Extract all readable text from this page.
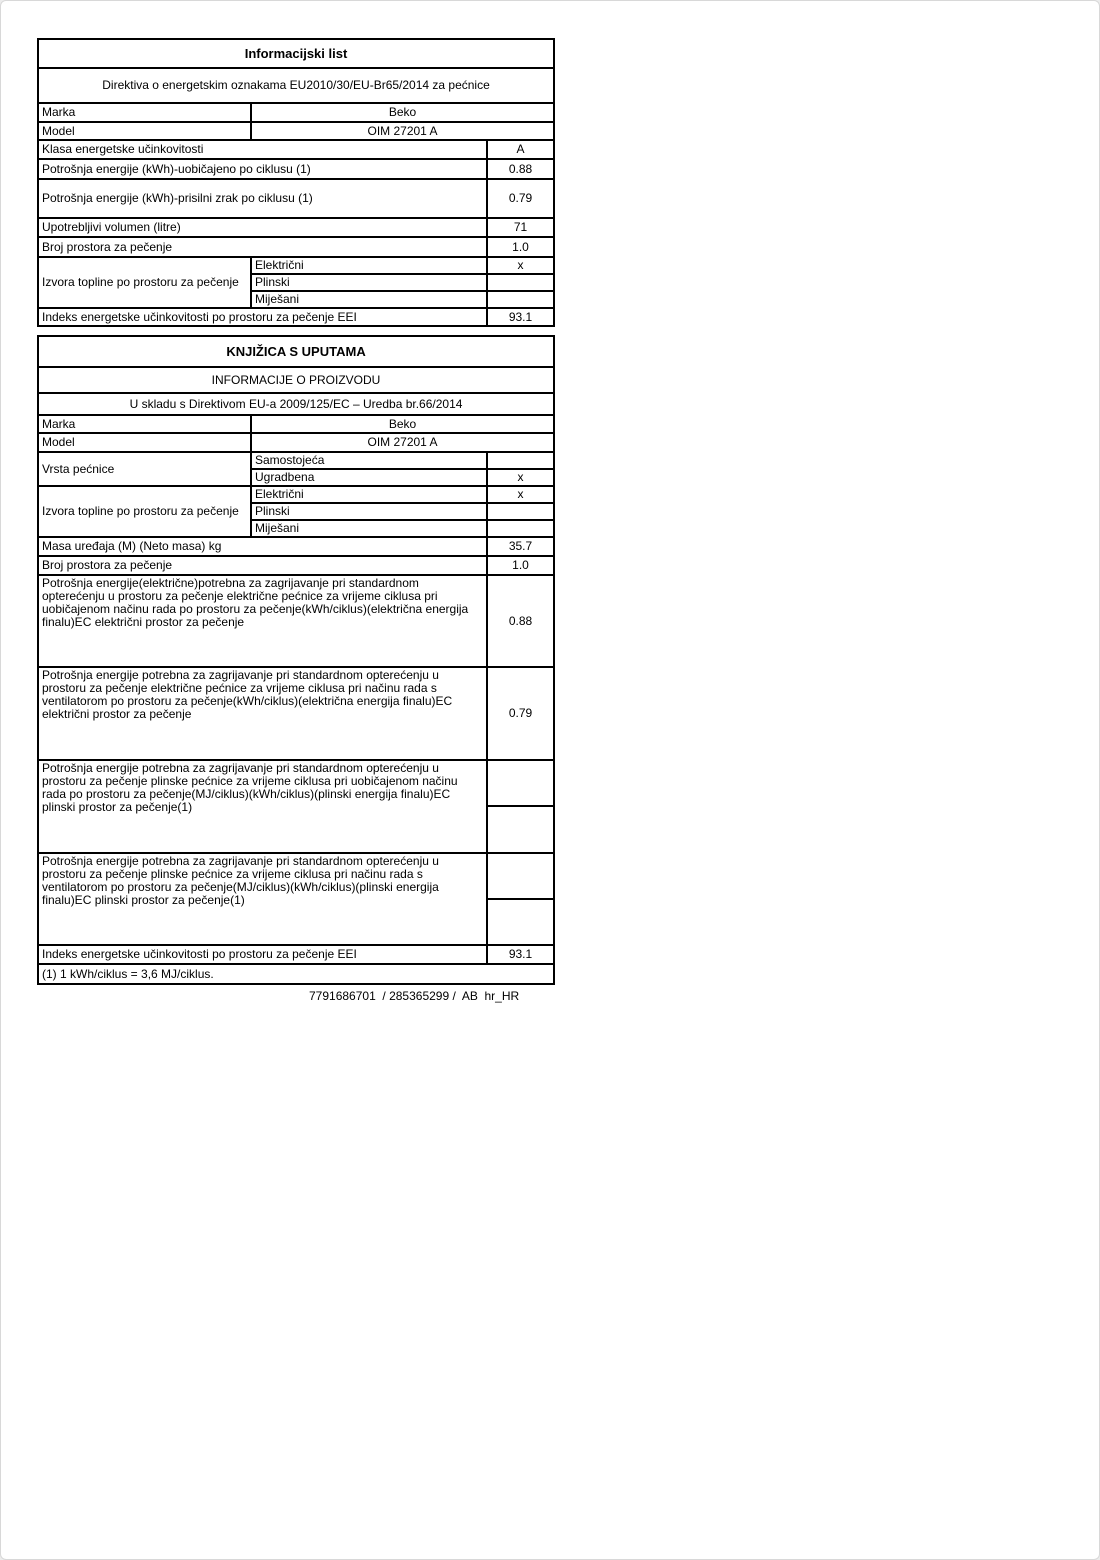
Informacijski list		
Direktiva o energetskim oznakama EU2010/30/EU-Br65/2014 za pećnice		
Marka	Beko	
Model	OIM 27201 A	
Klasa energetske učinkovitosti		A
Potrošnja energije (kWh)-uobičajeno po ciklusu (1)		0.88
Potrošnja energije (kWh)-prisilni zrak po ciklusu (1)		0.79
Upotrebljivi volumen (litre)		71
Broj prostora za pečenje		1.0
Izvora topline po prostoru za pečenje	Električni	x
	Plinski	
	Miješani	
Indeks energetske učinkovitosti po prostoru za pečenje EEI		93.1
KNJIŽICA S UPUTAMA		
INFORMACIJE O PROIZVODU		
U skladu s Direktivom EU-a 2009/125/EC – Uredba br.66/2014		
Marka	Beko	
Model	OIM 27201 A	
Vrsta pećnice	Samostojeća	
	Ugradbena	x
Izvora topline po prostoru za pečenje	Električni	x
	Plinski	
	Miješani	
Masa uređaja (M) (Neto masa) kg		35.7
Broj prostora za pečenje		1.0
Potrošnja energije(električne)potrebna za zagrijavanje pri standardnom opterećenju u prostoru za pečenje električne pećnice za vrijeme ciklusa pri uobičajenom načinu rada po prostoru za pečenje(kWh/ciklus)(električna energija finalu)EC električni prostor za pečenje		0.88
Potrošnja energije potrebna za zagrijavanje pri standardnom opterećenju u prostoru za pečenje električne pećnice za vrijeme ciklusa pri načinu rada s ventilatorom po prostoru za pečenje(kWh/ciklus)(električna energija finalu)EC električni prostor za pečenje		0.79
Potrošnja energije potrebna za zagrijavanje pri standardnom opterećenju u prostoru za pečenje plinske pećnice za vrijeme ciklusa pri uobičajenom načinu rada po prostoru za pečenje(MJ/ciklus)(kWh/ciklus)(plinski energija finalu)EC plinski prostor za pečenje(1)		

Potrošnja energije potrebna za zagrijavanje pri standardnom opterećenju u prostoru za pečenje plinske pećnice za vrijeme ciklusa pri načinu rada s ventilatorom po prostoru za pečenje(MJ/ciklus)(kWh/ciklus)(plinski energija finalu)EC plinski prostor za pečenje(1)		

Indeks energetske učinkovitosti po prostoru za pečenje EEI		93.1
(1) 1 kWh/ciklus = 3,6 MJ/ciklus.		
7791686701  / 285365299 /  AB  hr_HR
